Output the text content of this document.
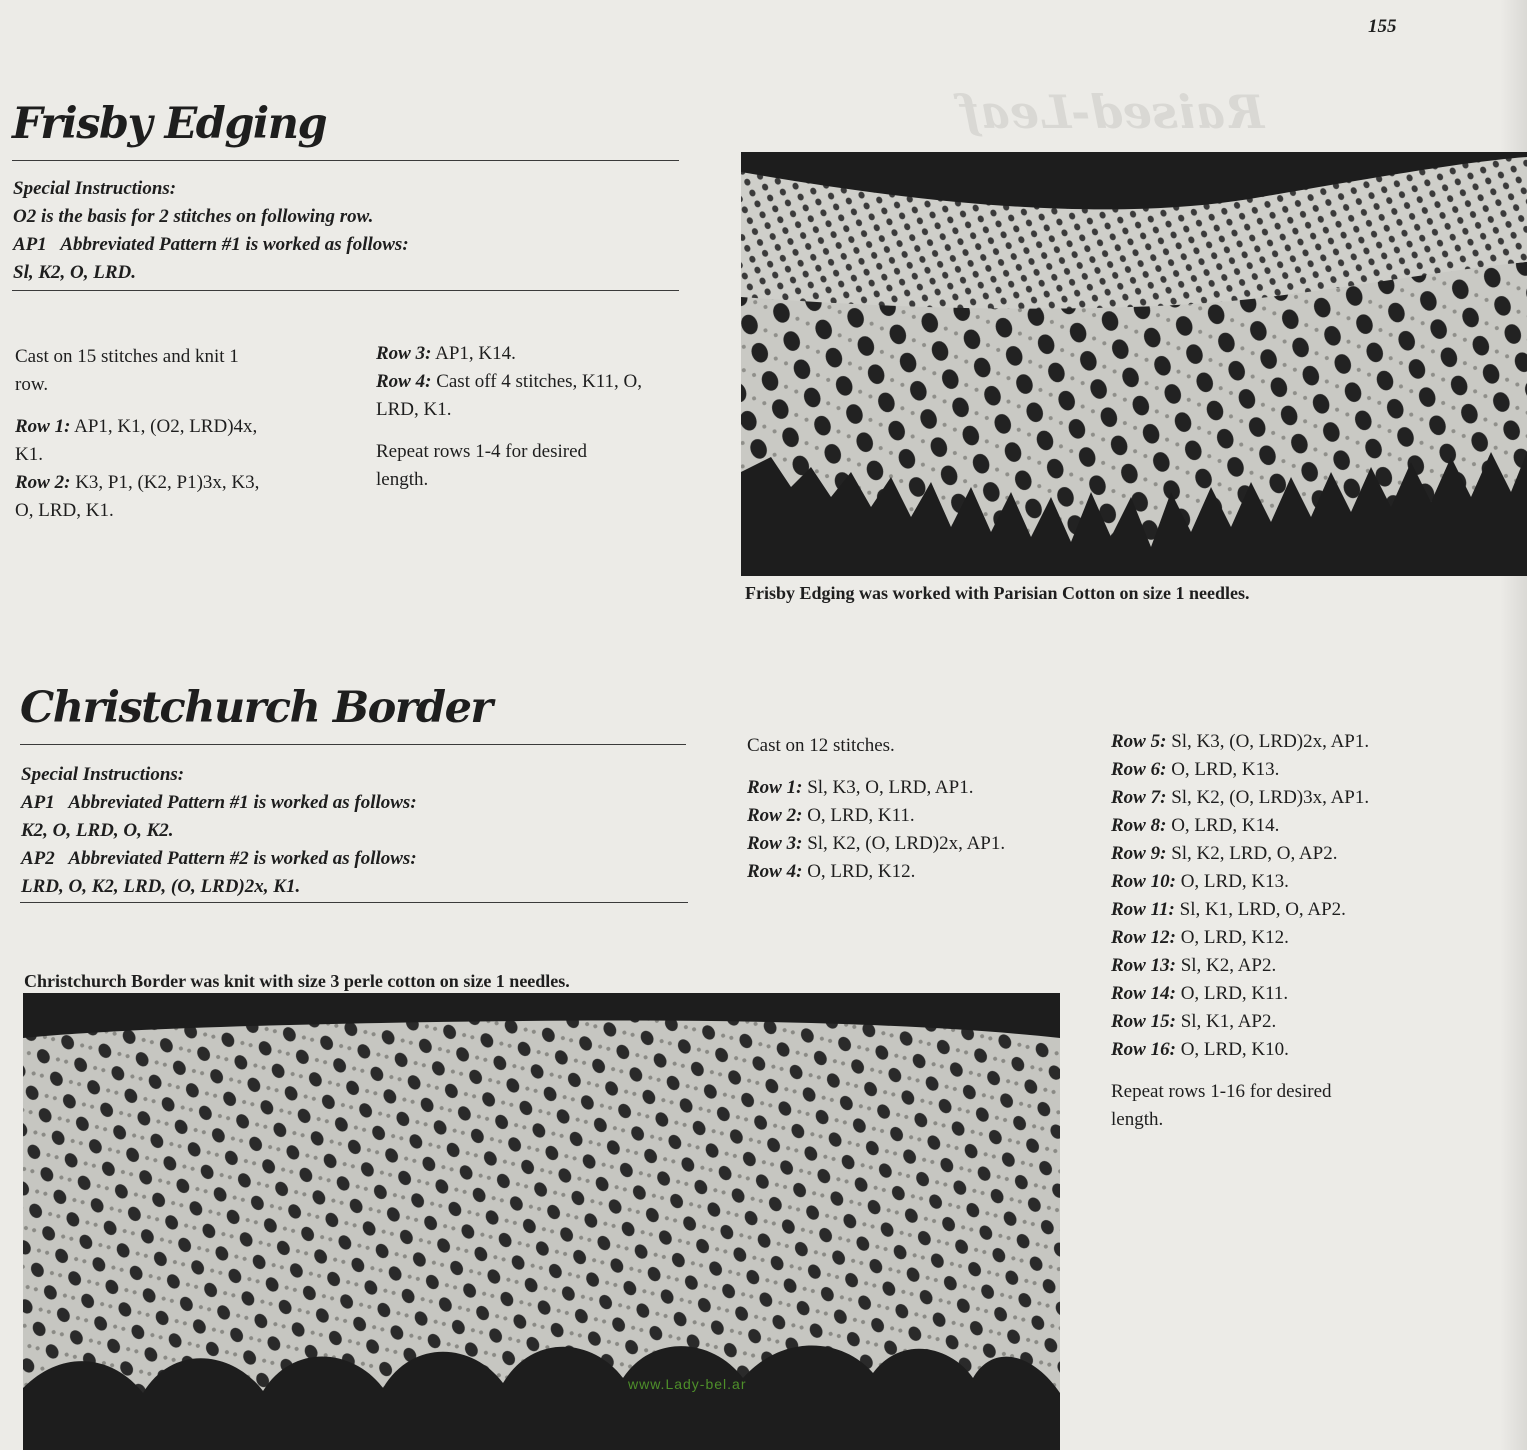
Raised-Leaf
155
Frisby Edging
Special Instructions:
O2 is the basis for 2 stitches on following row.
AP1 Abbreviated Pattern #1 is worked as follows:
Sl, K2, O, LRD.

Cast on 15 stitches and knit 1 row.

Row 1: AP1, K1, (O2, LRD)4x, K1.
Row 2: K3, P1, (K2, P1)3x, K3, O, LRD, K1.
Row 3: AP1, K14.
Row 4: Cast off 4 stitches, K11, O, LRD, K1.

Repeat rows 1-4 for desired length.

Frisby Edging was worked with Parisian Cotton on size 1 needles.
Christchurch Border
Special Instructions:
AP1 Abbreviated Pattern #1 is worked as follows:
K2, O, LRD, O, K2.
AP2 Abbreviated Pattern #2 is worked as follows:
LRD, O, K2, LRD, (O, LRD)2x, K1.

Cast on 12 stitches.

Row 1: Sl, K3, O, LRD, AP1.
Row 2: O, LRD, K11.
Row 3: Sl, K2, (O, LRD)2x, AP1.
Row 4: O, LRD, K12.
Row 5: Sl, K3, (O, LRD)2x, AP1.
Row 6: O, LRD, K13.
Row 7: Sl, K2, (O, LRD)3x, AP1.
Row 8: O, LRD, K14.
Row 9: Sl, K2, LRD, O, AP2.
Row 10: O, LRD, K13.
Row 11: Sl, K1, LRD, O, AP2.
Row 12: O, LRD, K12.
Row 13: Sl, K2, AP2.
Row 14: O, LRD, K11.
Row 15: Sl, K1, AP2.
Row 16: O, LRD, K10.

Repeat rows 1-16 for desired length.

Christchurch Border was knit with size 3 perle cotton on size 1 needles.
www.Lady-bel.ar
